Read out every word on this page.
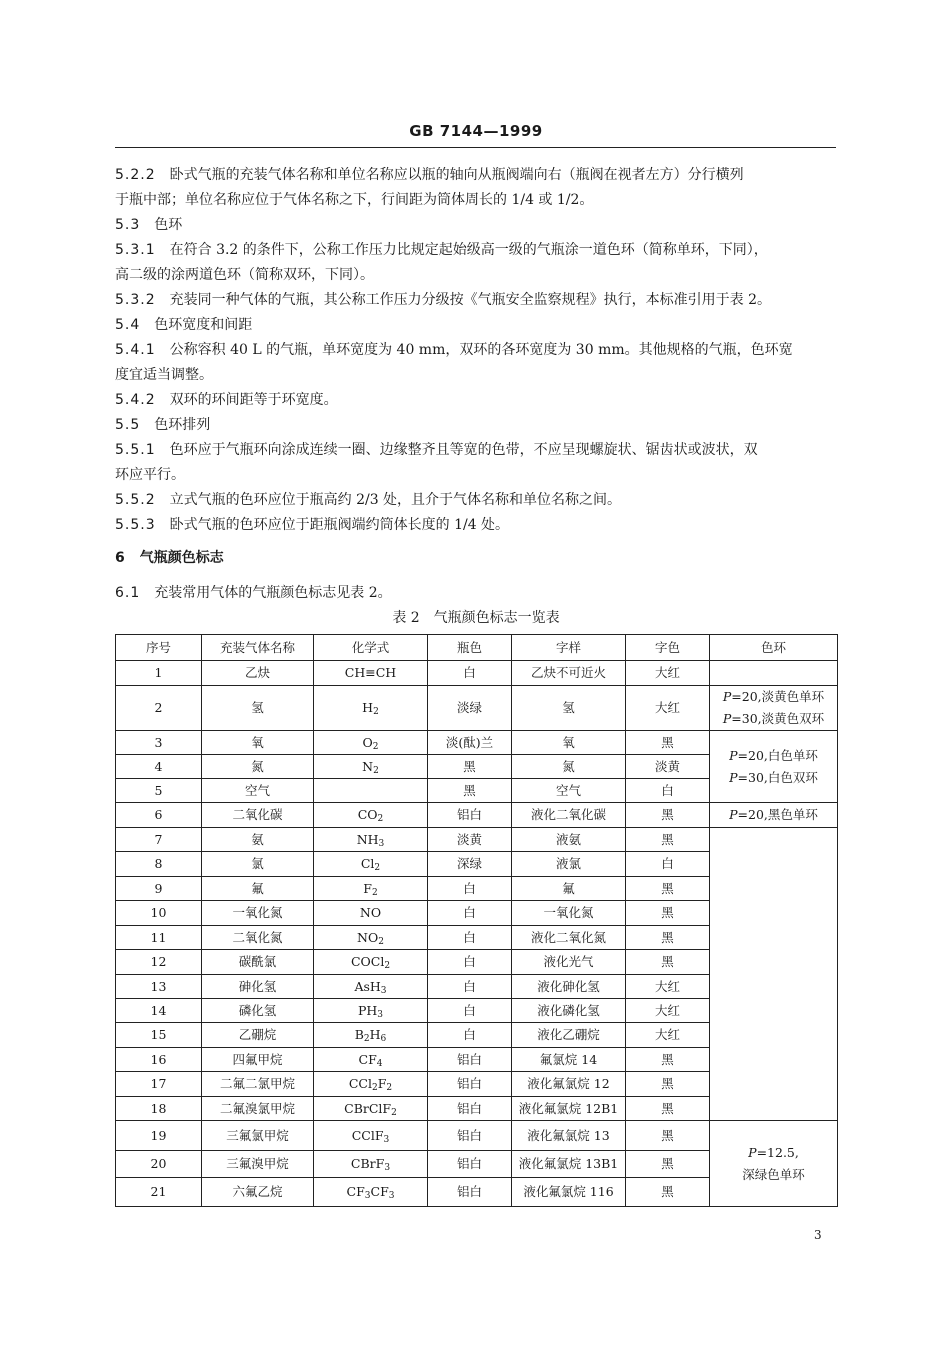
GB 7144—1999
5.2.2 卧式气瓶的充装气体名称和单位名称应以瓶的轴向从瓶阀端向右（瓶阀在视者左方）分行横列
于瓶中部；单位名称应位于气体名称之下，行间距为筒体周长的 1/4 或 1/2。
5.3 色环
5.3.1 在符合 3.2 的条件下，公称工作压力比规定起始级高一级的气瓶涂一道色环（简称单环，下同），
高二级的涂两道色环（简称双环，下同）。
5.3.2 充装同一种气体的气瓶，其公称工作压力分级按《气瓶安全监察规程》执行，本标准引用于表 2。
5.4 色环宽度和间距
5.4.1 公称容积 40 L 的气瓶，单环宽度为 40 mm，双环的各环宽度为 30 mm。其他规格的气瓶，色环宽
度宜适当调整。
5.4.2 双环的环间距等于环宽度。
5.5 色环排列
5.5.1 色环应于气瓶环向涂成连续一圈、边缘整齐且等宽的色带，不应呈现螺旋状、锯齿状或波状，双
环应平行。
5.5.2 立式气瓶的色环应位于瓶高约 2/3 处，且介于气体名称和单位名称之间。
5.5.3 卧式气瓶的色环应位于距瓶阀端约筒体长度的 1/4 处。
6 气瓶颜色标志
6.1 充装常用气体的气瓶颜色标志见表 2。
表 2 气瓶颜色标志一览表
序号	充装气体名称	化学式	瓶色	字样	字色	色环
1	乙炔	CH≡CH	白	乙炔不可近火	大红	
2	氢	$H_2$	淡绿	氢	大红	P=20,淡黄色单环
P=30,淡黄色双环

3	氧	$O_2$	淡(酞)兰	氧	黑	P=20,白色单环
P=30,白色双环

4	氮	$N_2$	黑	氮	淡黄	
5	空气		黑	空气	白	
6	二氧化碳	$CO_2$	铝白	液化二氧化碳	黑	P=20,黑色单环

7	氨	$NH_3$	淡黄	液氨	黑	
8	氯	$Cl_2$	深绿	液氯	白	
9	氟	$F_2$	白	氟	黑	
10	一氧化氮	NO	白	一氧化氮	黑	
11	二氧化氮	$NO_2$	白	液化二氧化氮	黑	
12	碳酰氯	COCl$_2$	白	液化光气	黑	
13	砷化氢	AsH$_3$	白	液化砷化氢	大红	
14	磷化氢	$PH_3$	白	液化磷化氢	大红	
15	乙硼烷	$B_2H_6$	白	液化乙硼烷	大红	
16	四氟甲烷	$CF_4$	铝白	氟氯烷 14	黑	
17	二氟二氯甲烷	$CCl_2F_2$	铝白	液化氟氯烷 12	黑	
18	二氟溴氯甲烷	CBrClF$_2$	铝白	液化氟氯烷 12B1	黑	
19	三氟氯甲烷	CClF$_3$	铝白	液化氟氯烷 13	黑	P=12.5,
深绿色单环

20	三氟溴甲烷	CBrF$_3$	铝白	液化氟氯烷 13B1	黑	
21	六氟乙烷	$CF_3CF_3$	铝白	液化氟氯烷 116	黑	
3
